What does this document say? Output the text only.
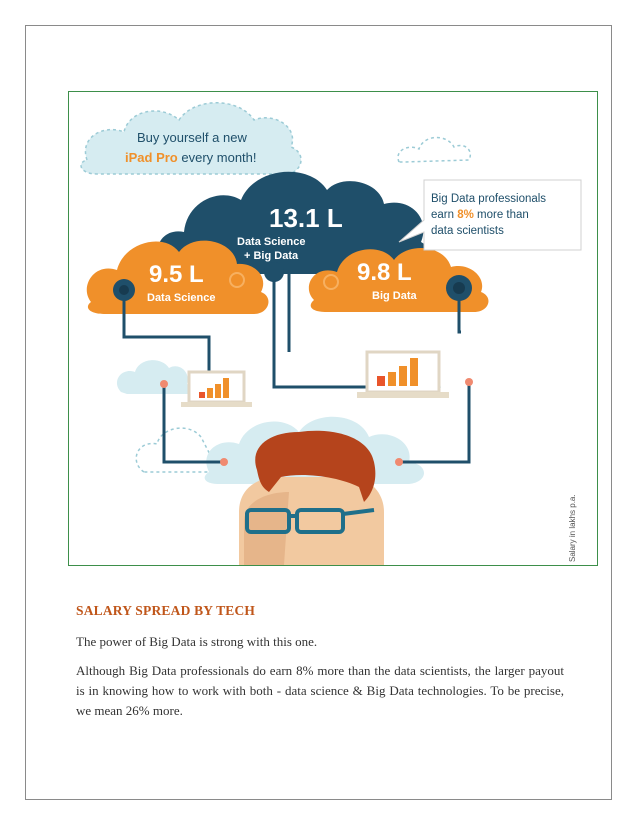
13.1 L
Data Science
+ Big Data
9.5 L
Data Science
9.8 L
Big Data
Buy yourself a new
iPad Pro every month!
Big Data professionals
earn 8% more than
data scientists
Salary in lakhs p.a.
SALARY SPREAD BY TECH
The power of Big Data is strong with this one.
Although Big Data professionals do earn 8% more than the data scientists, the larger payout is in knowing how to work with both - data science & Big Data technologies. To be precise, we mean 26% more.
